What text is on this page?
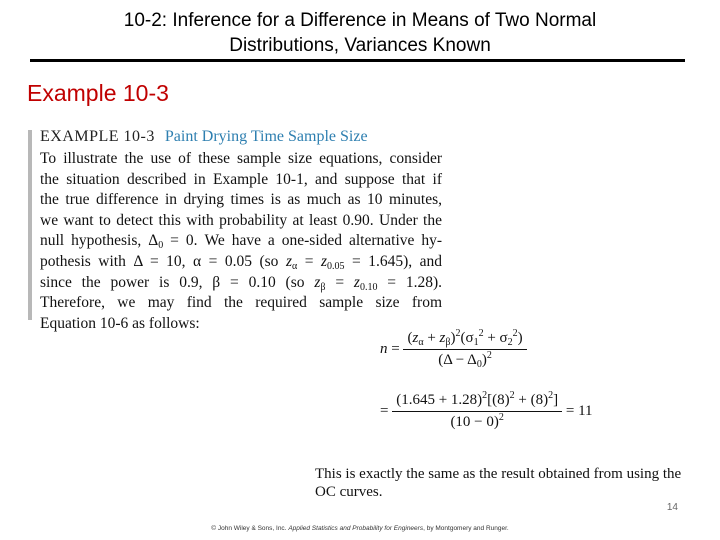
10-2: Inference for a Difference in Means of Two Normal
Distributions, Variances Known
Example 10-3
EXAMPLE 10-3 Paint Drying Time Sample Size
To illustrate the use of these sample size equations, consider
the situation described in Example 10-1, and suppose that if
the true difference in drying times is as much as 10 minutes,
we want to detect this with probability at least 0.90. Under the
null hypothesis, $\Delta_0 = 0$. We have a one-sided alternative hy-
pothesis with Δ = 10, α = 0.05 (so $z_\alpha = z_{0.05} = 1.645$), and
since the power is 0.9, β = 0.10 (so $z_\beta = z_{0.10} = 1.28$).
Therefore, we may find the required sample size from
Equation 10-6 as follows:
$n = \frac{(z_\alpha + z_\beta)^2(\sigma_1^2 + \sigma_2^2)}{(\Delta - \Delta_0)^2}$
= $\frac{(1.645 + 1.28)^2[(8)^2 + (8)^2]}{(10 - 0)^2} = 11$
This is exactly the same as the result obtained from using the
OC curves.
14
© John Wiley & Sons, Inc. Applied Statistics and Probability for Engineers, by Montgomery and Runger.
